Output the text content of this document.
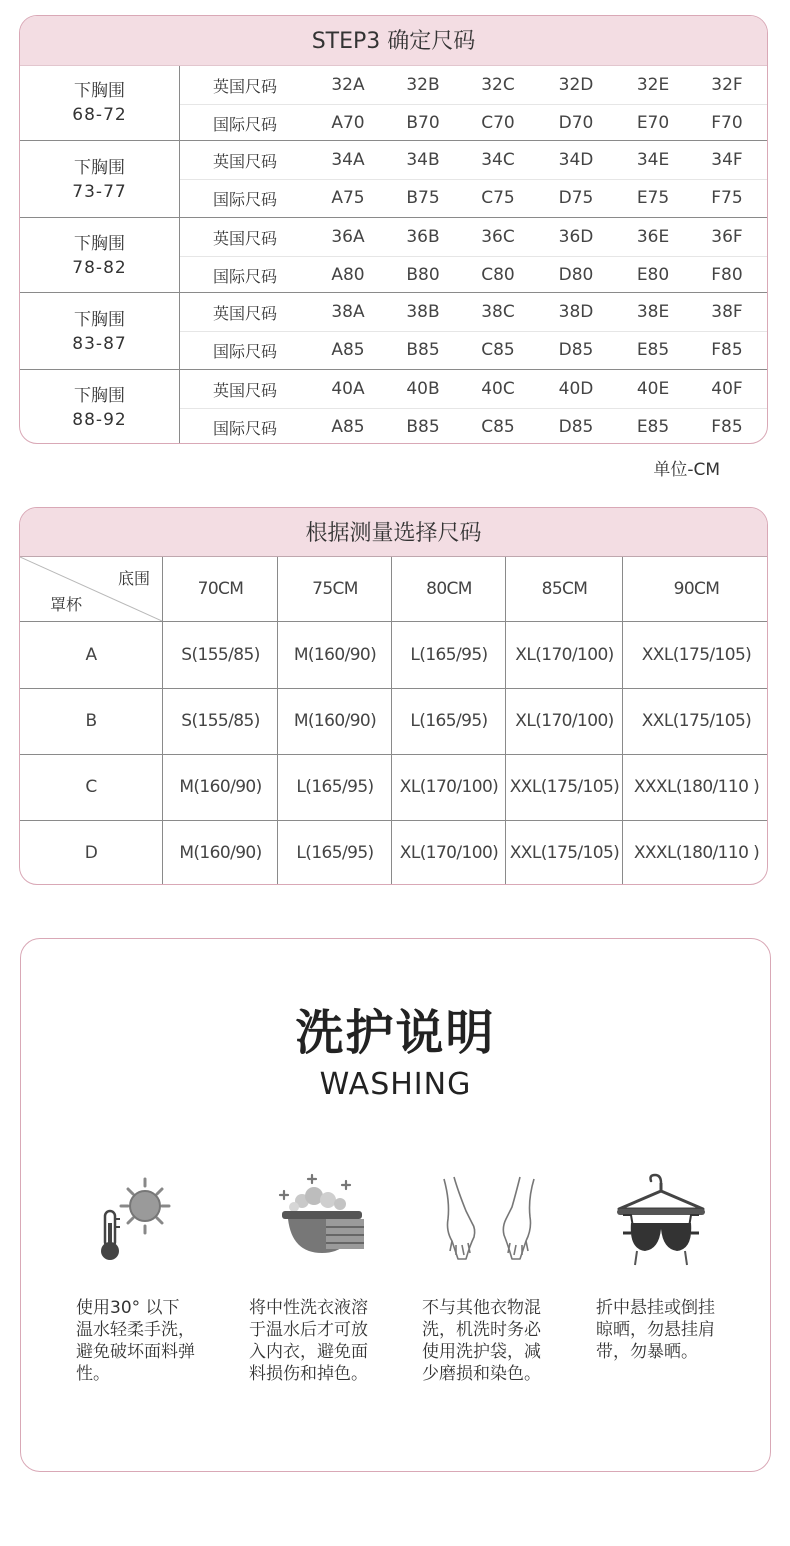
STEP3 确定尺码
下胸围
68-72
英国尺码	32A	32B	32C	32D	32E	32F
国际尺码	A70	B70	C70	D70	E70	F70
下胸围
73-77
英国尺码	34A	34B	34C	34D	34E	34F
国际尺码	A75	B75	C75	D75	E75	F75
下胸围
78-82
英国尺码	36A	36B	36C	36D	36E	36F
国际尺码	A80	B80	C80	D80	E80	F80
下胸围
83-87
英国尺码	38A	38B	38C	38D	38E	38F
国际尺码	A85	B85	C85	D85	E85	F85
下胸围
88-92
英国尺码	40A	40B	40C	40D	40E	40F
国际尺码	A85	B85	C85	D85	E85	F85
单位-CM
根据测量选择尺码
底围
罩杯
70CM	75CM	80CM	85CM	90CM
A	S(155/85)	M(160/90)	L(165/95)	XL(170/100)	XXL(175/105)
B	S(155/85)	M(160/90)	L(165/95)	XL(170/100)	XXL(175/105)
C	M(160/90)	L(165/95)	XL(170/100) XXL(175/105) XXXL(180/110 )
D	M(160/90)	L(165/95)	XL(170/100) XXL(175/105) XXXL(180/110 )
洗护说明
WASHING
使用30° 以下温水轻柔手洗，避免破坏面料弹性。
将中性洗衣液溶于温水后才可放入内衣，避免面料损伤和掉色。
不与其他衣物混洗，机洗时务必使用洗护袋，减少磨损和染色。
折中悬挂或倒挂晾晒，勿悬挂肩带，勿暴晒。
